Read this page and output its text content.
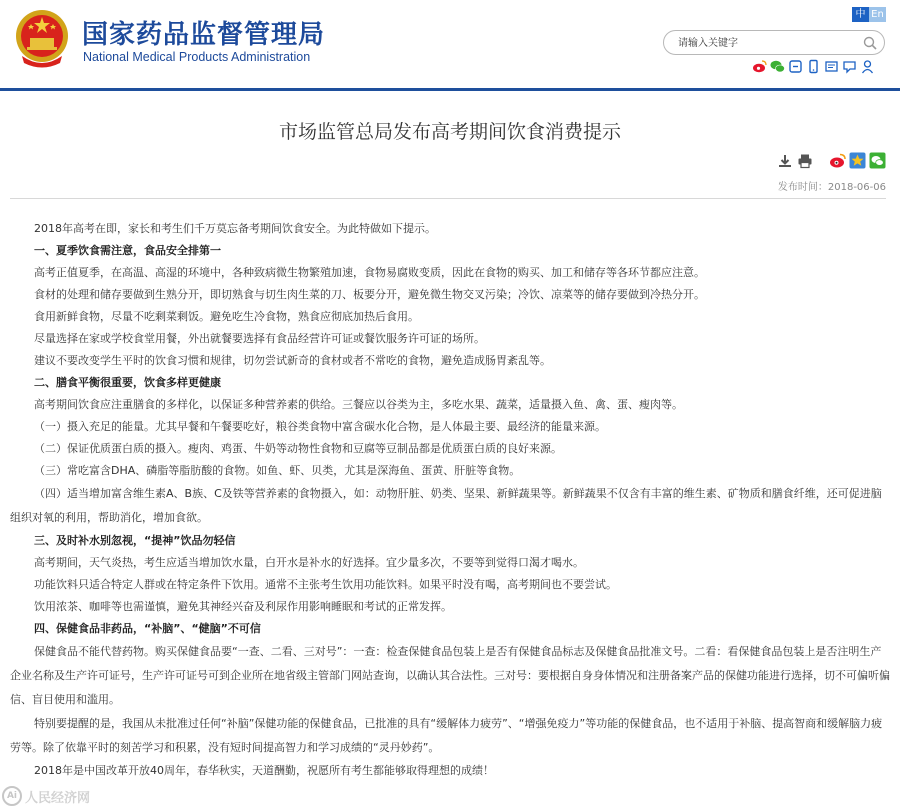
国家药品监督管理局
National Medical Products Administration
中 En
请输入关键字
市场监管总局发布高考期间饮食消费提示
发布时间：2018-06-06

2018年高考在即，家长和考生们千万莫忘备考期间饮食安全。为此特做如下提示。

一、夏季饮食需注意，食品安全排第一

高考正值夏季，在高温、高湿的环境中，各种致病微生物繁殖加速，食物易腐败变质，因此在食物的购买、加工和储存等各环节都应注意。

食材的处理和储存要做到生熟分开，即切熟食与切生肉生菜的刀、板要分开，避免微生物交叉污染；冷饮、凉菜等的储存要做到冷热分开。

食用新鲜食物，尽量不吃剩菜剩饭。避免吃生冷食物，熟食应彻底加热后食用。

尽量选择在家或学校食堂用餐，外出就餐要选择有食品经营许可证或餐饮服务许可证的场所。

建议不要改变学生平时的饮食习惯和规律，切勿尝试新奇的食材或者不常吃的食物，避免造成肠胃紊乱等。

二、膳食平衡很重要，饮食多样更健康

高考期间饮食应注重膳食的多样化，以保证多种营养素的供给。三餐应以谷类为主，多吃水果、蔬菜，适量摄入鱼、禽、蛋、瘦肉等。

（一）摄入充足的能量。尤其早餐和午餐要吃好，粮谷类食物中富含碳水化合物，是人体最主要、最经济的能量来源。

（二）保证优质蛋白质的摄入。瘦肉、鸡蛋、牛奶等动物性食物和豆腐等豆制品都是优质蛋白质的良好来源。

（三）常吃富含DHA、磷脂等脂肪酸的食物。如鱼、虾、贝类，尤其是深海鱼、蛋黄、肝脏等食物。

（四）适当增加富含维生素A、B族、C及铁等营养素的食物摄入，如：动物肝脏、奶类、坚果、新鲜蔬果等。新鲜蔬果不仅含有丰富的维生素、矿物质和膳食纤维，还可促进脑组织对氧的利用，帮助消化，增加食欲。

三、及时补水别忽视，“提神”饮品勿轻信

高考期间，天气炎热，考生应适当增加饮水量，白开水是补水的好选择。宜少量多次，不要等到觉得口渴才喝水。

功能饮料只适合特定人群或在特定条件下饮用。通常不主张考生饮用功能饮料。如果平时没有喝，高考期间也不要尝试。

饮用浓茶、咖啡等也需谨慎，避免其神经兴奋及利尿作用影响睡眠和考试的正常发挥。

四、保健食品非药品，“补脑”、“健脑”不可信

保健食品不能代替药物。购买保健食品要“一查、二看、三对号”：一查：检查保健食品包装上是否有保健食品标志及保健食品批准文号。二看：看保健食品包装上是否注明生产企业名称及生产许可证号，生产许可证号可到企业所在地省级主管部门网站查询，以确认其合法性。三对号：要根据自身身体情况和注册备案产品的保健功能进行选择，切不可偏听偏信、盲目使用和滥用。

特别要提醒的是，我国从未批准过任何“补脑”保健功能的保健食品，已批准的具有“缓解体力疲劳”、“增强免疫力”等功能的保健食品，也不适用于补脑、提高智商和缓解脑力疲劳等。除了依靠平时的刻苦学习和积累，没有短时间提高智力和学习成绩的“灵丹妙药”。

2018年是中国改革开放40周年，春华秋实，天道酬勤，祝愿所有考生都能够取得理想的成绩！

Ai 人民经济网
